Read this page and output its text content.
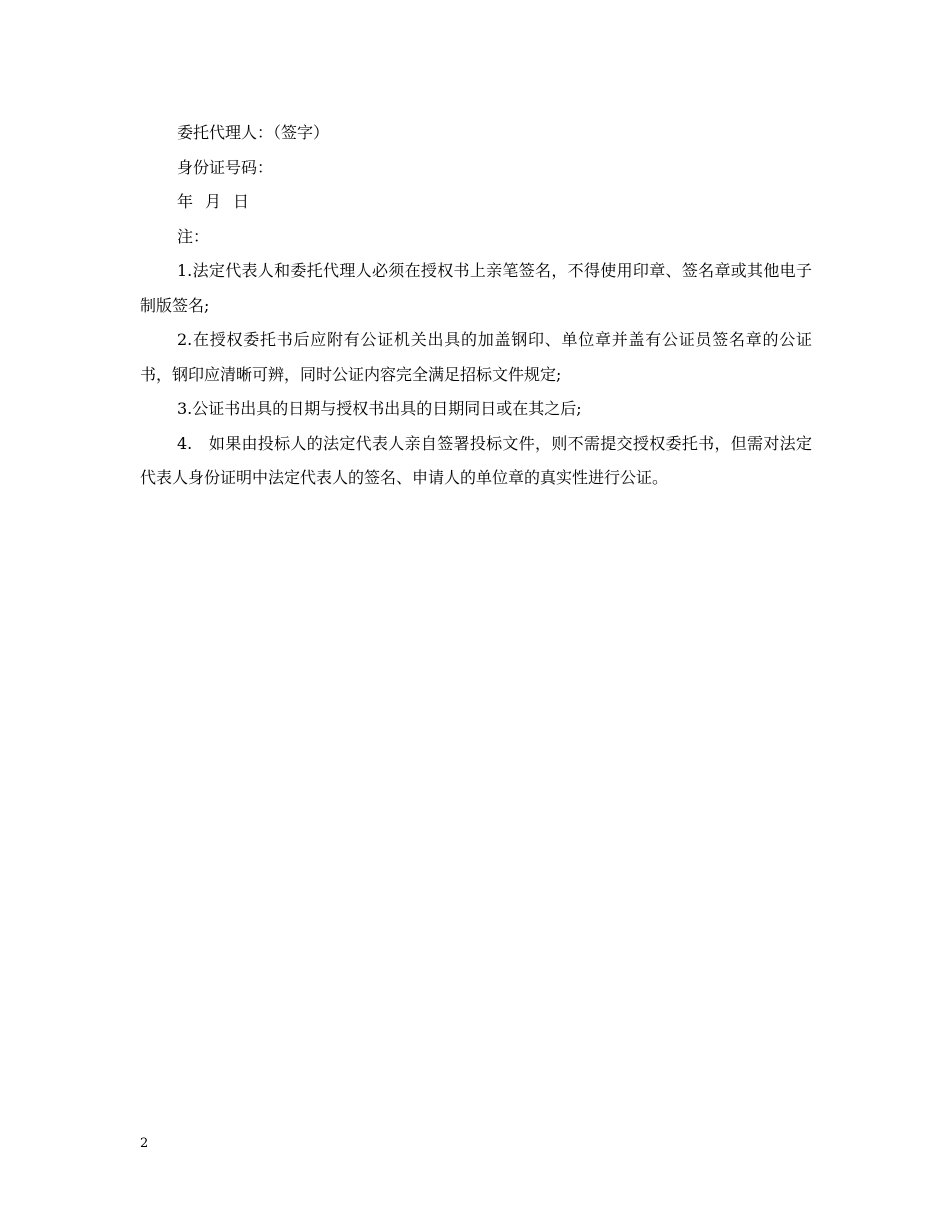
委托代理人：（签字）

身份证号码：

年 月 日

注：

1.法定代表人和委托代理人必须在授权书上亲笔签名，不得使用印章、签名章或其他电子制版签名;

2.在授权委托书后应附有公证机关出具的加盖钢印、单位章并盖有公证员签名章的公证书，钢印应清晰可辨，同时公证内容完全满足招标文件规定;

3.公证书出具的日期与授权书出具的日期同日或在其之后;

4.　如果由投标人的法定代表人亲自签署投标文件，则不需提交授权委托书，但需对法定代表人身份证明中法定代表人的签名、申请人的单位章的真实性进行公证。

2
